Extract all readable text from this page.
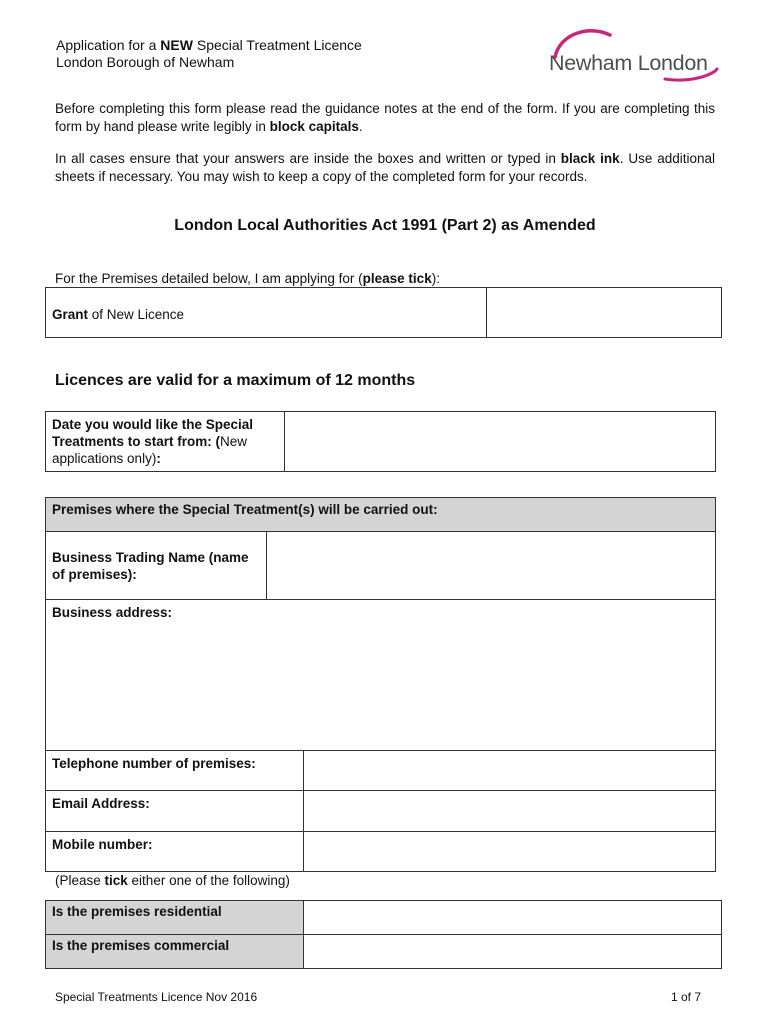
Application for a NEW Special Treatment Licence
London Borough of Newham	Newham London
Before completing this form please read the guidance notes at the end of the form. If you are completing this form by hand please write legibly in block capitals.
In all cases ensure that your answers are inside the boxes and written or typed in black ink. Use additional sheets if necessary. You may wish to keep a copy of the completed form for your records.
London Local Authorities Act 1991 (Part 2) as Amended
For the Premises detailed below, I am applying for (please tick):
Grant of New Licence
Licences are valid for a maximum of 12 months
Date you would like the Special Treatments to start from: (New applications only):
Premises where the Special Treatment(s) will be carried out:
Business Trading Name (name of premises):
Business address:
Telephone number of premises:
Email Address:
Mobile number:
(Please tick either one of the following)
Is the premises residential
Is the premises commercial
Special Treatments Licence Nov 2016	1 of 7
